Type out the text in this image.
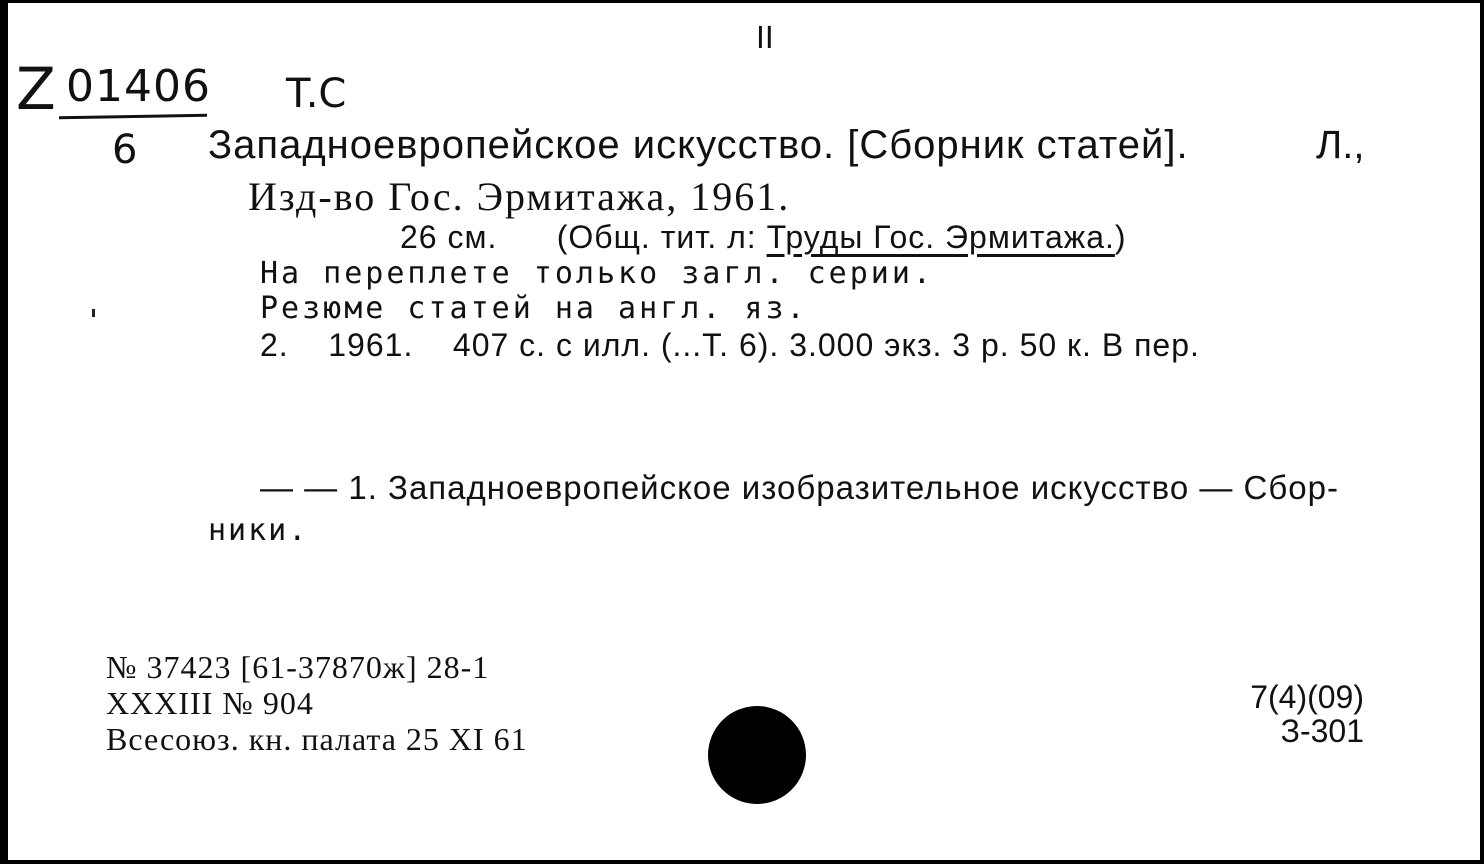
Z 01406
6
T.C
II
Западноевропейское искусство. [Сборник статей].	Л.,
Изд-во Гос. Эрмитажа, 1961.
26 см. (Общ. тит. л: Труды Гос. Эрмитажа.)
На переплете только загл. серии.
Резюме статей на англ. яз.
2.    1961.    407 с. с илл. (...Т. 6). 3.000 экз. 3 р. 50 к. В пер.
— — 1. Западноевропейское изобразительное искусство — Сбор-
ники.
№ 37423 [61-37870ж] 28-1
XXXIII № 904
Всесоюз. кн. палата 25 XI 61
7(4)(09)
З-301
